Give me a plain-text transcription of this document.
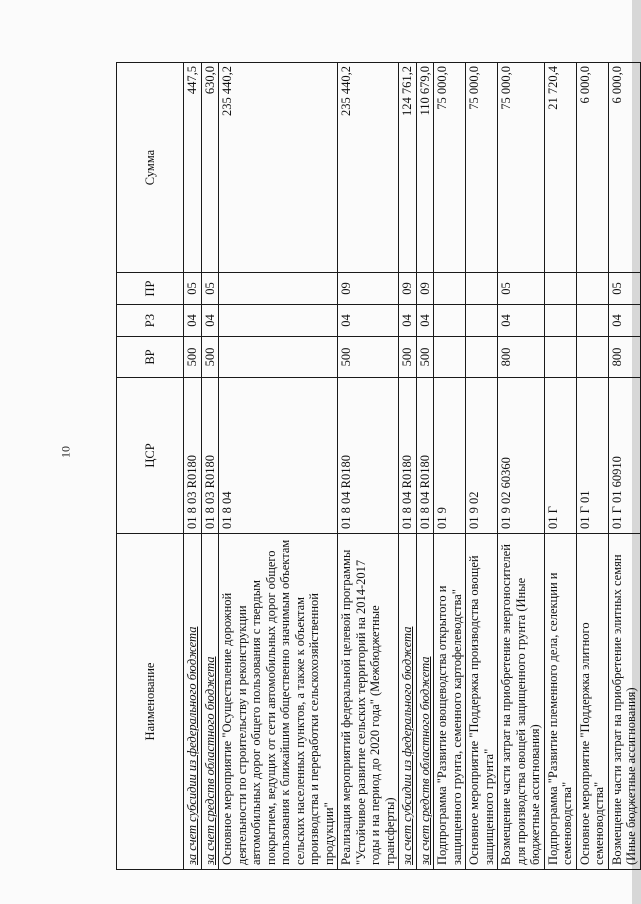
10
Наименование	ЦСР	ВР	РЗ	ПР	Сумма
за счет субсидии из федерального бюджета	01 8 03 R0180	500	04	05	447,5
за счет средств областного бюджета	01 8 03 R0180	500	04	05	630,0
Основное мероприятие "Осуществление дорожной деятельности по строительству и реконструкции автомобильных дорог общего пользования с твердым покрытием, ведущих от сети автомобильных дорог общего пользования к ближайшим общественно значимым объектам сельских населенных пунктов, а также к объектам производства и переработки сельскохозяйственной продукции"	01 8 04				235 440,2
Реализация мероприятий федеральной целевой программы "Устойчивое развитие сельских территорий на 2014-2017 годы и на период до 2020 года" (Межбюджетные трансферты)	01 8 04 R0180	500	04	09	235 440,2
за счет субсидии из федерального бюджета	01 8 04 R0180	500	04	09	124 761,2
за счет средств областного бюджета	01 8 04 R0180	500	04	09	110 679,0
Подпрограмма "Развитие овощеводства открытого и защищенного грунта, семенного картофелеводства"	01 9				75 000,0
Основное мероприятие "Поддержка производства овощей защищенного грунта"	01 9 02				75 000,0
Возмещение части затрат на приобретение энергоносителей для производства овощей защищенного грунта (Иные бюджетные ассигнования)	01 9 02 60360	800	04	05	75 000,0
Подпрограмма "Развитие племенного дела, селекции и семеноводства"	01 Г				21 720,4
Основное мероприятие "Поддержка элитного семеноводства"	01 Г 01				6 000,0
Возмещение части затрат на приобретение элитных семян (Иные бюджетные ассигнования)	01 Г 01 60910	800	04	05	6 000,0
